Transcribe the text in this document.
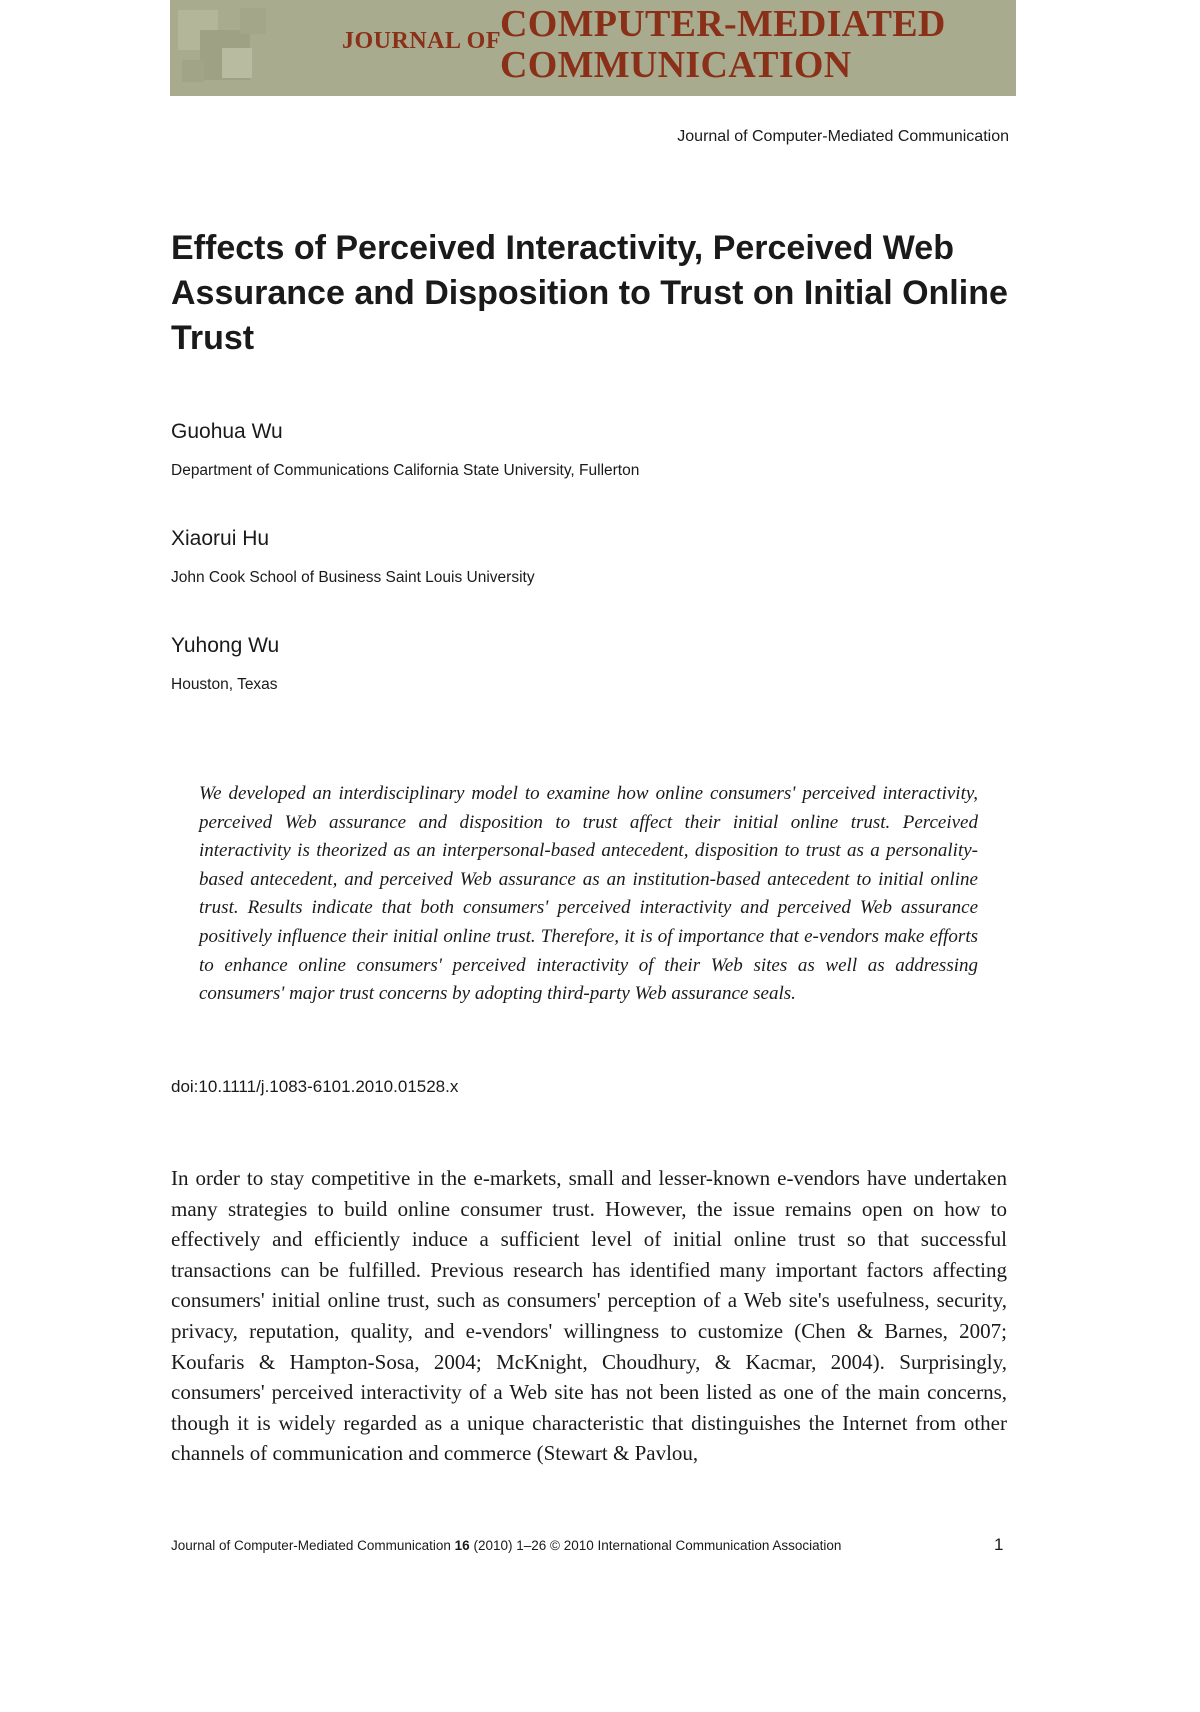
JOURNAL OF
COMPUTER-MEDIATED
COMMUNICATION
Journal of Computer-Mediated Communication
Effects of Perceived Interactivity, Perceived Web Assurance and Disposition to Trust on Initial Online Trust
Guohua Wu
Department of Communications California State University, Fullerton
Xiaorui Hu
John Cook School of Business Saint Louis University
Yuhong Wu
Houston, Texas

We developed an interdisciplinary model to examine how online consumers' perceived interactivity, perceived Web assurance and disposition to trust affect their initial online trust. Perceived interactivity is theorized as an interpersonal-based antecedent, disposition to trust as a personality-based antecedent, and perceived Web assurance as an institution-based antecedent to initial online trust. Results indicate that both consumers' perceived interactivity and perceived Web assurance positively influence their initial online trust. Therefore, it is of importance that e-vendors make efforts to enhance online consumers' perceived interactivity of their Web sites as well as addressing consumers' major trust concerns by adopting third-party Web assurance seals.

doi:10.1111/j.1083-6101.2010.01528.x

In order to stay competitive in the e-markets, small and lesser-known e-vendors have undertaken many strategies to build online consumer trust. However, the issue remains open on how to effectively and efficiently induce a sufficient level of initial online trust so that successful transactions can be fulfilled. Previous research has identified many important factors affecting consumers' initial online trust, such as consumers' perception of a Web site's usefulness, security, privacy, reputation, quality, and e-vendors' willingness to customize (Chen & Barnes, 2007; Koufaris & Hampton-Sosa, 2004; McKnight, Choudhury, & Kacmar, 2004). Surprisingly, consumers' perceived interactivity of a Web site has not been listed as one of the main concerns, though it is widely regarded as a unique characteristic that distinguishes the Internet from other channels of communication and commerce (Stewart & Pavlou,

Journal of Computer-Mediated Communication 16 (2010) 1–26 © 2010 International Communication Association	1
